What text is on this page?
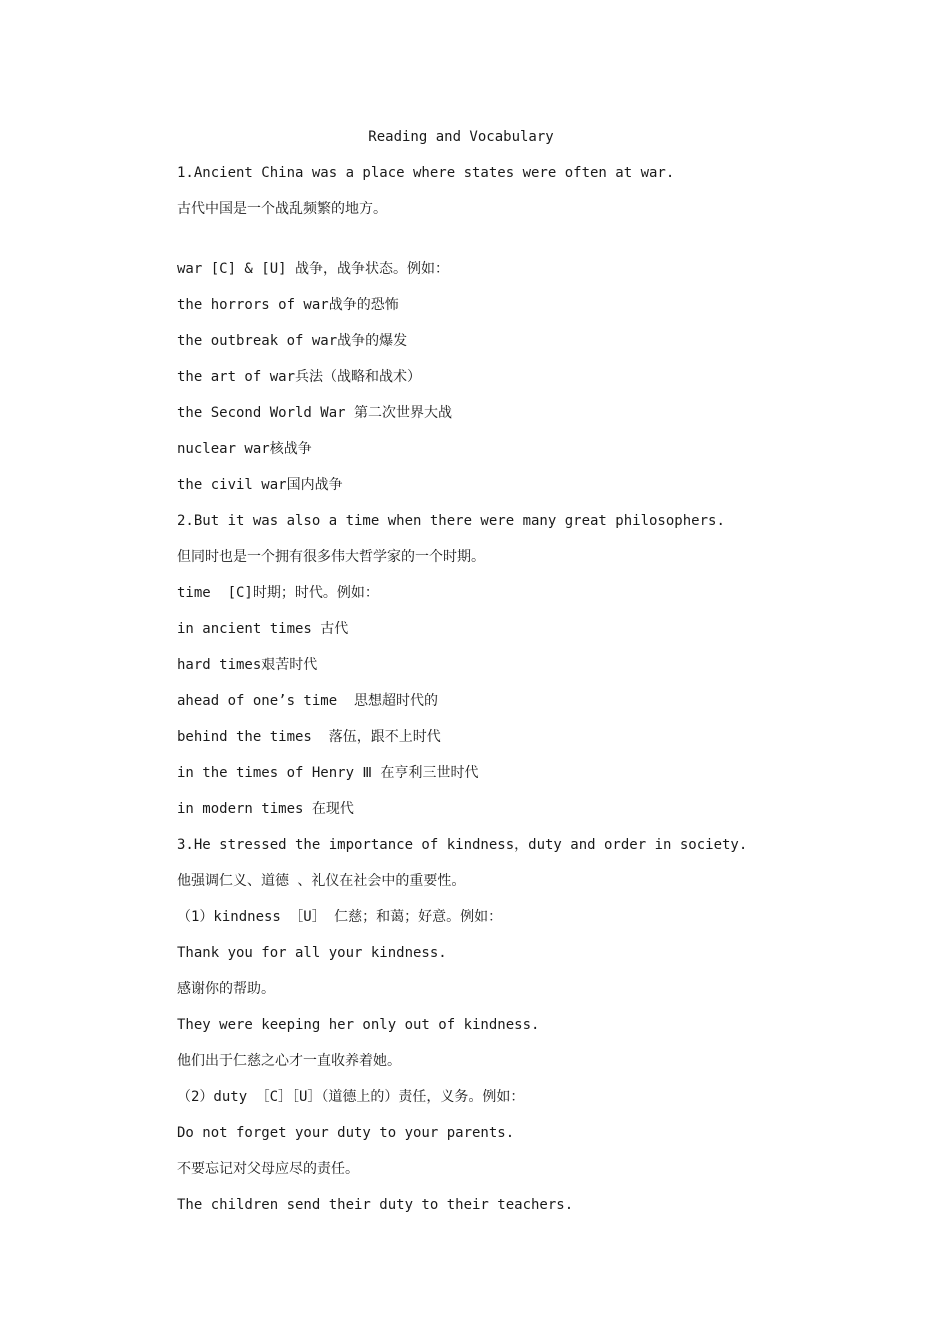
Reading and Vocabulary
1.Ancient China was a place where states were often at war.
古代中国是一个战乱频繁的地方。
war [C] & [U] 战争，战争状态。例如：
the horrors of war战争的恐怖
the outbreak of war战争的爆发
the art of war兵法（战略和战术）
the Second World War 第二次世界大战
nuclear war核战争
the civil war国内战争
2.But it was also a time when there were many great philosophers.
但同时也是一个拥有很多伟大哲学家的一个时期。
time  [C]时期；时代。例如：
in ancient times 古代
hard times艰苦时代
ahead of one’s time  思想超时代的
behind the times  落伍，跟不上时代
in the times of Henry Ⅲ 在亨利三世时代
in modern times 在现代
3.He stressed the importance of kindness，duty and order in society.
他强调仁义、道德 、礼仪在社会中的重要性。
（1）kindness ［U］ 仁慈；和蔼；好意。例如：
Thank you for all your kindness.
感谢你的帮助。
They were keeping her only out of kindness.
他们出于仁慈之心才一直收养着她。
（2）duty ［C］［U］（道德上的）责任，义务。例如：
Do not forget your duty to your parents.
不要忘记对父母应尽的责任。
The children send their duty to their teachers.
